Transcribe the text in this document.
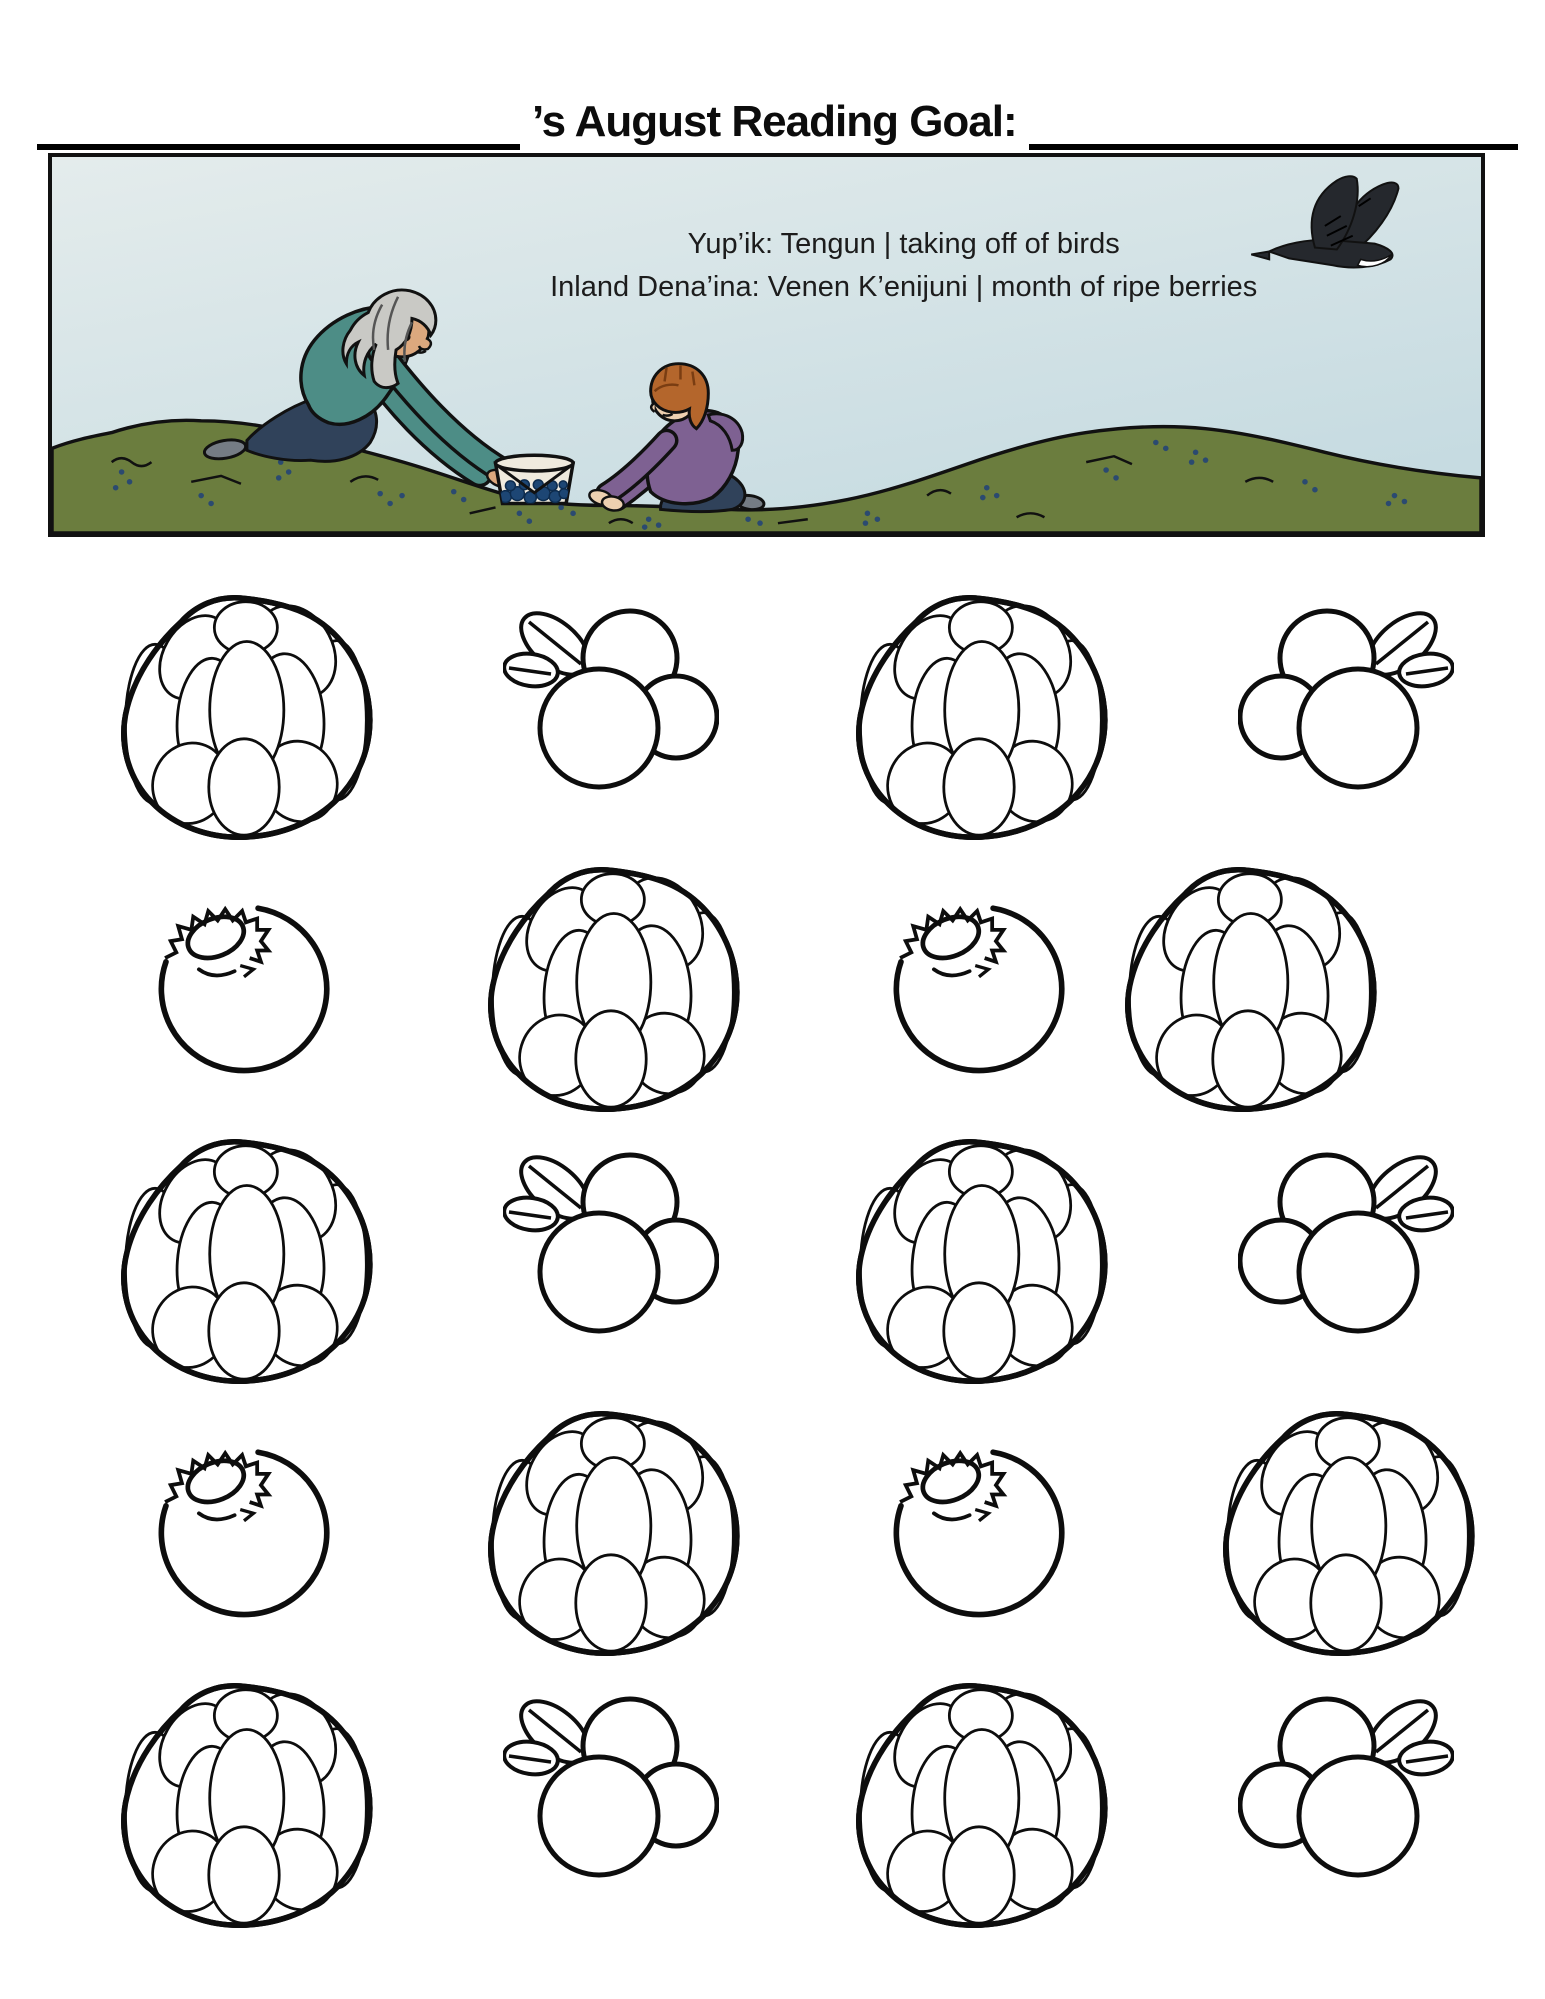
’s August Reading Goal:
Yup’ik: Tengun | taking off of birds
Inland Dena’ina: Venen K’enijuni | month of ripe berries
